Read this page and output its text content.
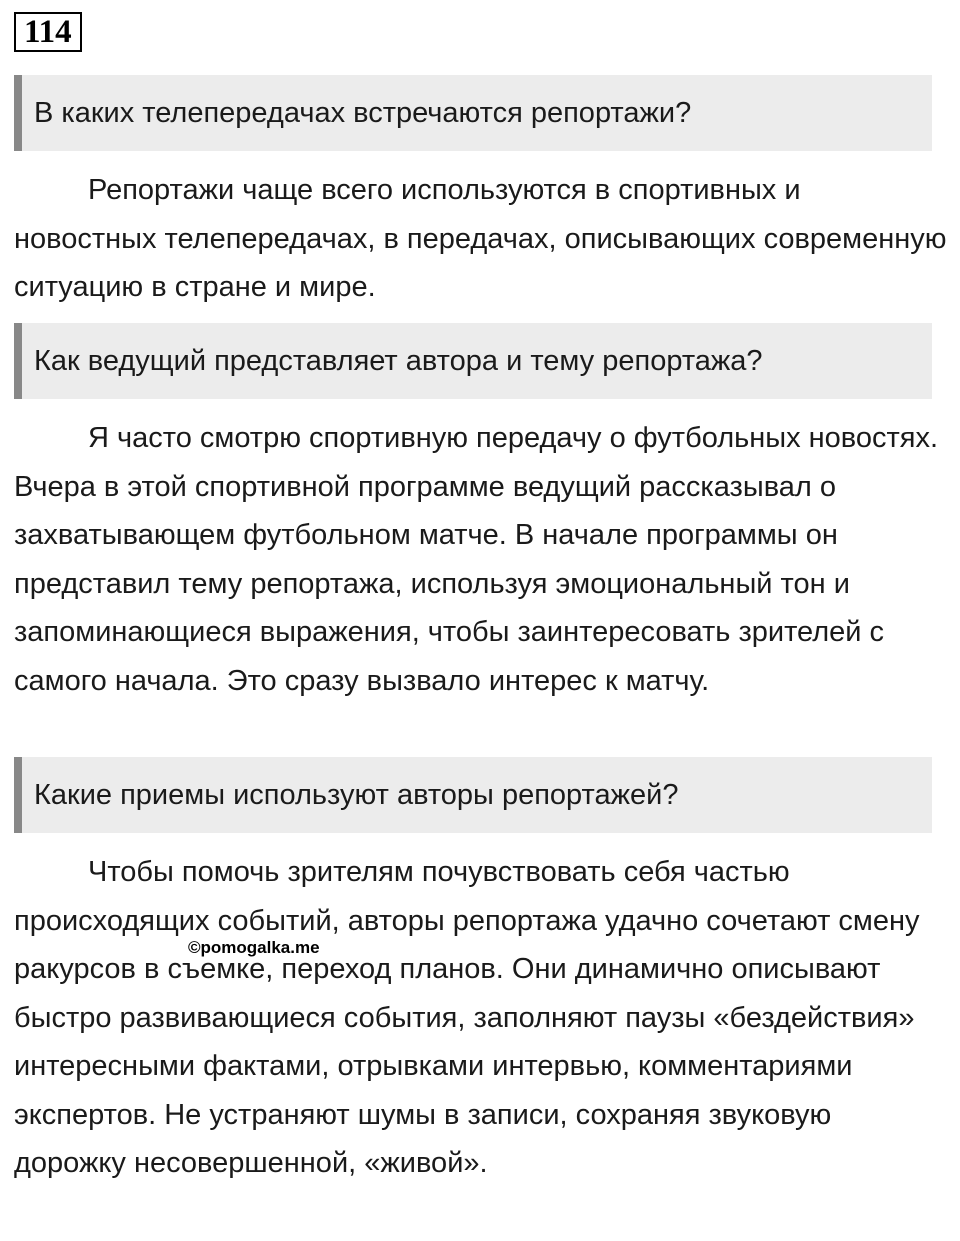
114
В каких телепередачах встречаются репортажи?

Репортажи чаще всего используются в спортивных и новостных телепередачах, в передачах, описывающих современную ситуацию в стране и мире.

Как ведущий представляет автора и тему репортажа?

Я часто смотрю спортивную передачу о футбольных новостях. Вчера в этой спортивной программе ведущий рассказывал о захватывающем футбольном матче. В начале программы он представил тему репортажа, используя эмоциональный тон и запоминающиеся выражения, чтобы заинтересовать зрителей с самого начала. Это сразу вызвало интерес к матчу.

Какие приемы используют авторы репортажей?

Чтобы помочь зрителям почувствовать себя частью происходящих событий, авторы репортажа удачно сочетают смену ракурсов в съемке, переход планов. Они динамично описывают быстро развивающиеся события, заполняют паузы «бездействия» интересными фактами, отрывками интервью, комментариями экспертов. Не устраняют шумы в записи, сохраняя звуковую дорожку несовершенной, «живой».

©pomogalka.me
